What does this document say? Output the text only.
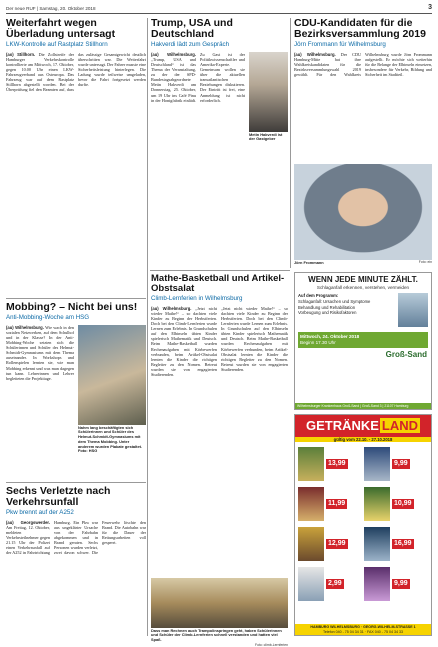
Der neue RUF | Samstag, 20. Oktober 2018	3
Weiterfahrt wegen Überladung untersagt
LKW-Kontrolle auf Rastplatz Stillhorn

(ao) Stillhorn. Die Zollstreife der Hamburger Verkehrskontrolle kontrollierte am Mittwoch, 17. Oktober, gegen 10.00 Uhr einen LKW-Fahrzeugverband aus Osteuropa. Das Fahrzeug war auf dem Rastplatz Stillhorn abgestellt worden. Bei der Überprüfung fiel den Beamten auf, dass das zulässige Gesamtgewicht deutlich überschritten war. Die Weiterfahrt wurde untersagt. Der Fahrer musste eine Sicherheitsleistung hinterlegen. Die Ladung wurde teilweise umgeladen, bevor die Fahrt fortgesetzt werden durfte.

Mobbing? – Nicht bei uns!
Anti-Mobbing-Woche am HSG

(au) Wilhelmsburg. Wie wach in den sozialen Netzwerken, auf dem Schulhof und in der Klasse? In der Anti-Mobbing-Woche setzten sich die Schülerinnen und Schüler des Helmut-Schmidt-Gymnasiums mit dem Thema auseinander. In Workshops und Rollenspielen lernten sie, wie man Mobbing erkennt und was man dagegen tun kann. Lehrerinnen und Lehrer begleiteten die Projekttage.

Nahm lang beschäftigten sich Schülerinnen und Schüler des Helmut-Schmidt-Gymnasiums mit dem Thema Mobbing. Unter anderem wurden Plakate gestaltet. Foto: HSG
Sechs Verletzte nach Verkehrsunfall
Pkw brennt auf der A252

(au) Georgswerder. Am Freitag, 12. Oktober, meldeten Verkehrsteilnehmer gegen 21.15 Uhr der Polizei einen Verkehrsunfall auf der A252 in Fahrtrichtung Hamburg. Ein Pkw war aus ungeklärter Ursache von der Fahrbahn abgekommen und in Brand geraten. Sechs Personen wurden verletzt, zwei davon schwer. Die Feuerwehr löschte den Brand. Die Autobahn war für die Dauer der Rettungsarbeiten voll gesperrt.

Trump, USA und Deutschland
Hakverdi lädt zum Gespräch

(au) Wilhelmsburg. „Trump, USA und Deutschland“ ist das Thema der Veranstaltung, zu der der SPD-Bundestagsabgeordnete Metin Hakverdi am Donnerstag, 25. Oktober, um 19 Uhr ins Café Pinu in der Honigfabrik einlädt. Zu Gast ist der Politikwissenschaftler und Amerika-Experte. Gemeinsam wollen sie über die aktuellen transatlantischen Beziehungen diskutieren. Der Eintritt ist frei, eine Anmeldung ist nicht erforderlich.

Metin Hakverdi ist der Gastgeber
CDU-Kandidaten für die Bezirksversammlung 2019
Jörn Frommann für Wilhelmsburg

(au) Wilhelmsburg. Der CDU Hamburg-Mitte hat ihre Wahlkreiskandidaten für die Bezirksversammlungswahl 2019 gewählt. Für den Wahlkreis Wilhelmsburg wurde Jörn Frommann aufgestellt. Er möchte sich weiterhin für die Belange der Elbinseln einsetzen, insbesondere für Verkehr, Bildung und Sicherheit im Stadtteil.

Jörn Frommann	Foto: ein
Mathe-Basketball und Artikel-Obstsalat
Climb-Lernferien in Wilhelmsburg

(au) Wilhelmsburg. „Jetzt nicht wieder Mathe!“ – so dachten viele Kinder zu Beginn der Herbstferien. Doch bei den Climb-Lernferien wurde Lernen zum Erlebnis. In Grundschulen auf den Elbinseln übten Kinder spielerisch Mathematik und Deutsch. Beim Mathe-Basketball wurden Rechenaufgaben mit Körbewerfen verbunden, beim Artikel-Obstsalat lernten die Kinder die richtigen Begleiter zu den Nomen. Betreut wurden sie von engagierten Studierenden.

„Jetzt nicht wieder Mathe!“ – so dachten viele Kinder zu Beginn der Herbstferien. Doch bei den Climb-Lernferien wurde Lernen zum Erlebnis. In Grundschulen auf den Elbinseln übten Kinder spielerisch Mathematik und Deutsch. Beim Mathe-Basketball wurden Rechenaufgaben mit Körbewerfen verbunden, beim Artikel-Obstsalat lernten die Kinder die richtigen Begleiter zu den Nomen. Betreut wurden sie von engagierten Studierenden.

Dass man Rechnen auch Trampolinspringen geht, haben Schülerinnen und Schüler der Climb-Lernferien schnell verstanden und hatten viel Spaß.
Foto: climb-Lernferien
WENN JEDE MINUTE ZÄHLT.
Schlaganfall erkennen, verstehen, vermeiden
Auf dem Programm:
Schlaganfall: Ursachen und Symptome
Behandlung und Rehabilitation
Vorbeugung und Risikofaktoren
Mittwoch, 24. Oktober 2018
Beginn 17.30 Uhr
Groß-Sand
Wilhelmsburger Krankenhaus Groß-Sand | Groß-Sand 3 | 21107 Hamburg
GETRÄNKE LAND
gültig vom 22.10. - 27.10.2018
13,99	9,99
11,99	10,99
12,99	16,99
2,99	9,99
HAMBURG WILHELMSBURG · GEORG-WILHELM-STRASSE 1
Telefon 040 - 75 04 34 31 · FAX 040 - 75 04 34 33
